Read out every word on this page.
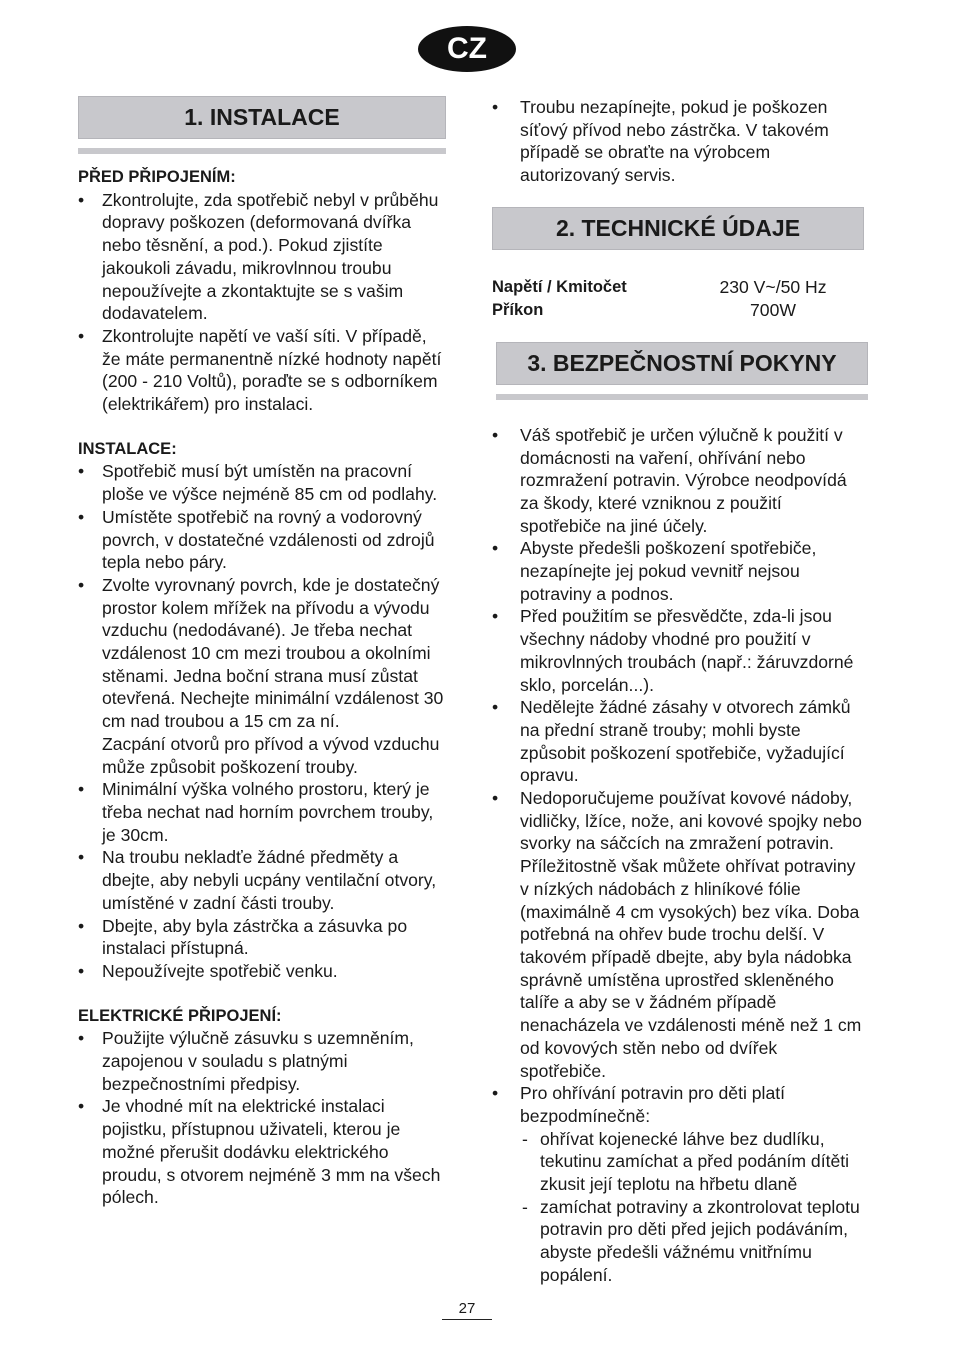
CZ
1. INSTALACE

PŘED PŘIPOJENÍM:

• Zkontrolujte, zda spotřebič nebyl v průběhu dopravy poškozen (deformovaná dvířka nebo těsnění, a pod.). Pokud zjistíte jakoukoli závadu, mikrovlnnou troubu nepoužívejte a zkontaktujte se s vašim dodavatelem.
• Zkontrolujte napětí ve vaší síti. V případě, že máte permanentně nízké hodnoty napětí (200 - 210 Voltů), poraďte se s odborníkem (elektrikářem) pro instalaci.

INSTALACE:

• Spotřebič musí být umístěn na pracovní ploše ve výšce nejméně 85 cm od podlahy.
• Umístěte spotřebič na rovný a vodorovný povrch, v dostatečné vzdálenosti od zdrojů tepla nebo páry.
• Zvolte vyrovnaný povrch, kde je dostatečný prostor kolem mřížek na přívodu a vývodu vzduchu (nedodávané). Je třeba nechat vzdálenost 10 cm mezi troubou a okolními stěnami. Jedna boční strana musí zůstat otevřená. Nechejte minimální vzdálenost 30 cm nad troubou a 15 cm za ní.
Zacpání otvorů pro přívod a vývod vzduchu může způsobit poškození trouby.
• Minimální výška volného prostoru, který je třeba nechat nad horním povrchem trouby, je 30cm.
• Na troubu nekladťe žádné předměty a dbejte, aby nebyli ucpány ventilační otvory, umístěné v zadní části trouby.
• Dbejte, aby byla zástrčka a zásuvka po instalaci přístupná.
• Nepoužívejte spotřebič venku.

ELEKTRICKÉ PŘIPOJENÍ:

• Použijte výlučně zásuvku s uzemněním, zapojenou v souladu s platnými bezpečnostními předpisy.
• Je vhodné mít na elektrické instalaci pojistku, přístupnou uživateli, kterou je možné přerušit dodávku elektrického proudu, s otvorem nejméně 3 mm na všech pólech.
• Troubu nezapínejte, pokud je poškozen síťový přívod nebo zástrčka. V takovém případě se obraťte na výrobcem autorizovaný servis.
2. TECHNICKÉ ÚDAJE
Napětí / Kmitočet	230 V~/50 Hz
Příkon	700W
3. BEZPEČNOSTNÍ POKYNY
• Váš spotřebič je určen výlučně k použití v domácnosti na vaření, ohřívání nebo rozmražení potravin. Výrobce neodpovídá za škody, které vzniknou z použití spotřebiče na jiné účely.
• Abyste předešli poškození spotřebiče, nezapínejte jej pokud vevnitř nejsou potraviny a podnos.
• Před použitím se přesvědčte, zda-li jsou všechny nádoby vhodné pro použití v mikrovlnných troubách (např.: žáruvzdorné sklo, porcelán...).
• Nedělejte žádné zásahy v otvorech zámků na přední straně trouby; mohli byste způsobit poškození spotřebiče, vyžadující opravu.
• Nedoporučujeme používat kovové nádoby, vidličky, lžíce, nože, ani kovové spojky nebo svorky na sáčcích na zmražení potravin. Příležitostně však můžete ohřívat potraviny v nízkých nádobách z hliníkové fólie (maximálně 4 cm vysokých) bez víka. Doba potřebná na ohřev bude trochu delší. V takovém případě dbejte, aby byla nádobka správně umístěna uprostřed skleněného talíře a aby se v žádném případě nenacházela ve vzdálenosti méně než 1 cm od kovových stěn nebo od dvířek spotřebiče.
• Pro ohřívání potravin pro děti platí bezpodmínečně:
- ohřívat kojenecké láhve bez dudlíku, tekutinu zamíchat a před podáním dítěti zkusit její teplotu na hřbetu dlaně
- zamíchat potraviny a zkontrolovat teplotu potravin pro děti před jejich podáváním, abyste předešli vážnému vnitřnímu popálení.
27
